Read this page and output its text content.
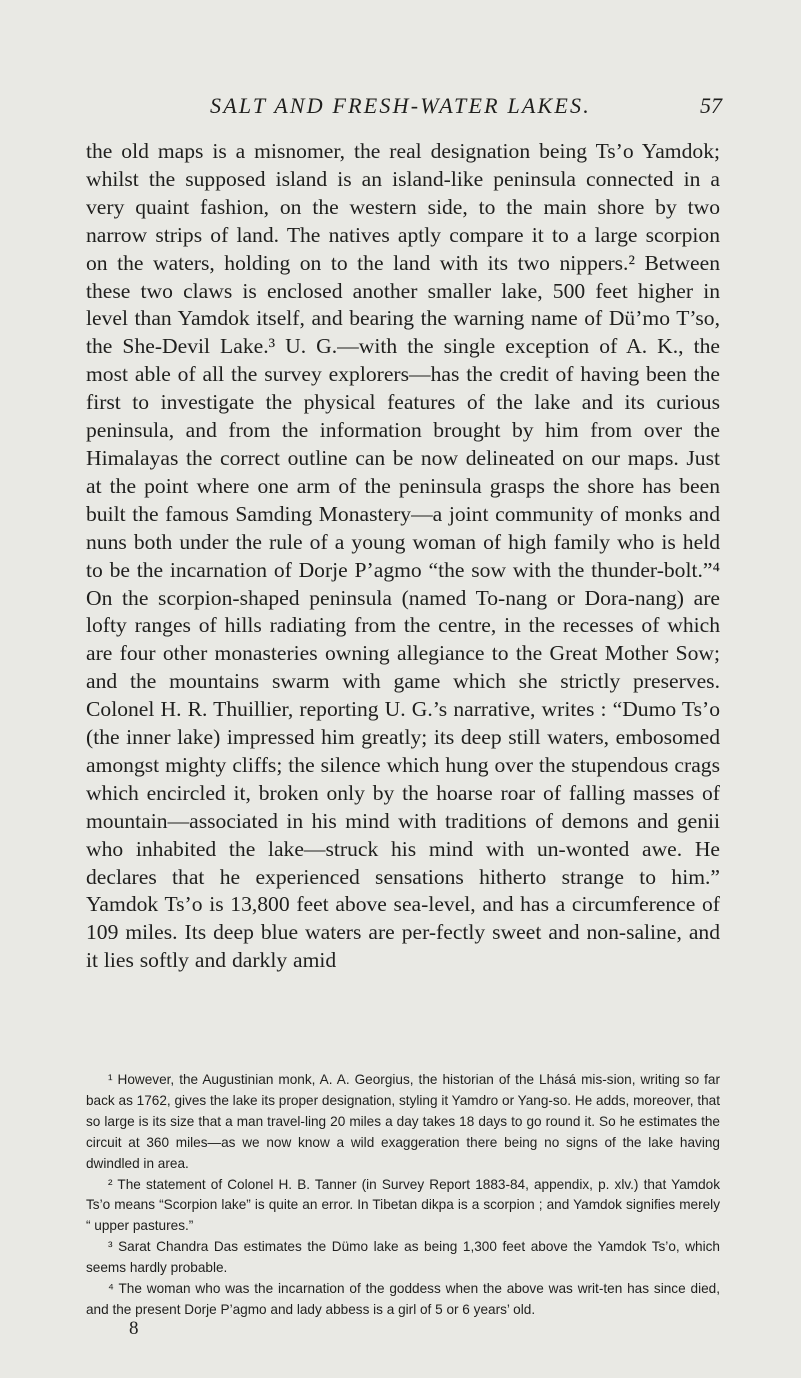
SALT AND FRESH-WATER LAKES.	57

the old maps is a misnomer, the real designation being Ts’o Yamdok; whilst the supposed island is an island-like peninsula connected in a very quaint fashion, on the western side, to the main shore by two narrow strips of land. The natives aptly compare it to a large scorpion on the waters, holding on to the land with its two nippers.² Between these two claws is enclosed another smaller lake, 500 feet higher in level than Yamdok itself, and bearing the warning name of Dü’mo T’so, the She-Devil Lake.³ U. G.—with the single exception of A. K., the most able of all the survey explorers—has the credit of having been the first to investigate the physical features of the lake and its curious peninsula, and from the information brought by him from over the Himalayas the correct outline can be now delineated on our maps. Just at the point where one arm of the peninsula grasps the shore has been built the famous Samding Monastery—a joint community of monks and nuns both under the rule of a young woman of high family who is held to be the incarnation of Dorje P’agmo “the sow with the thunder-bolt.”⁴ On the scorpion-shaped peninsula (named To-nang or Dora-nang) are lofty ranges of hills radiating from the centre, in the recesses of which are four other monasteries owning allegiance to the Great Mother Sow; and the mountains swarm with game which she strictly preserves. Colonel H. R. Thuillier, reporting U. G.’s narrative, writes : “Dumo Ts’o (the inner lake) impressed him greatly; its deep still waters, embosomed amongst mighty cliffs; the silence which hung over the stupendous crags which encircled it, broken only by the hoarse roar of falling masses of mountain—associated in his mind with traditions of demons and genii who inhabited the lake—struck his mind with un-wonted awe. He declares that he experienced sensations hitherto strange to him.” Yamdok Ts’o is 13,800 feet above sea-level, and has a circumference of 109 miles. Its deep blue waters are per-fectly sweet and non-saline, and it lies softly and darkly amid

¹ However, the Augustinian monk, A. A. Georgius, the historian of the Lhásá mis-sion, writing so far back as 1762, gives the lake its proper designation, styling it Yamdro or Yang-so. He adds, moreover, that so large is its size that a man travel-ling 20 miles a day takes 18 days to go round it. So he estimates the circuit at 360 miles—as we now know a wild exaggeration there being no signs of the lake having dwindled in area.

² The statement of Colonel H. B. Tanner (in Survey Report 1883-84, appendix, p. xlv.) that Yamdok Ts’o means “Scorpion lake” is quite an error. In Tibetan dikpa is a scorpion ; and Yamdok signifies merely “ upper pastures.”

³ Sarat Chandra Das estimates the Dümo lake as being 1,300 feet above the Yamdok Ts’o, which seems hardly probable.

⁴ The woman who was the incarnation of the goddess when the above was writ-ten has since died, and the present Dorje P’agmo and lady abbess is a girl of 5 or 6 years’ old.

8
